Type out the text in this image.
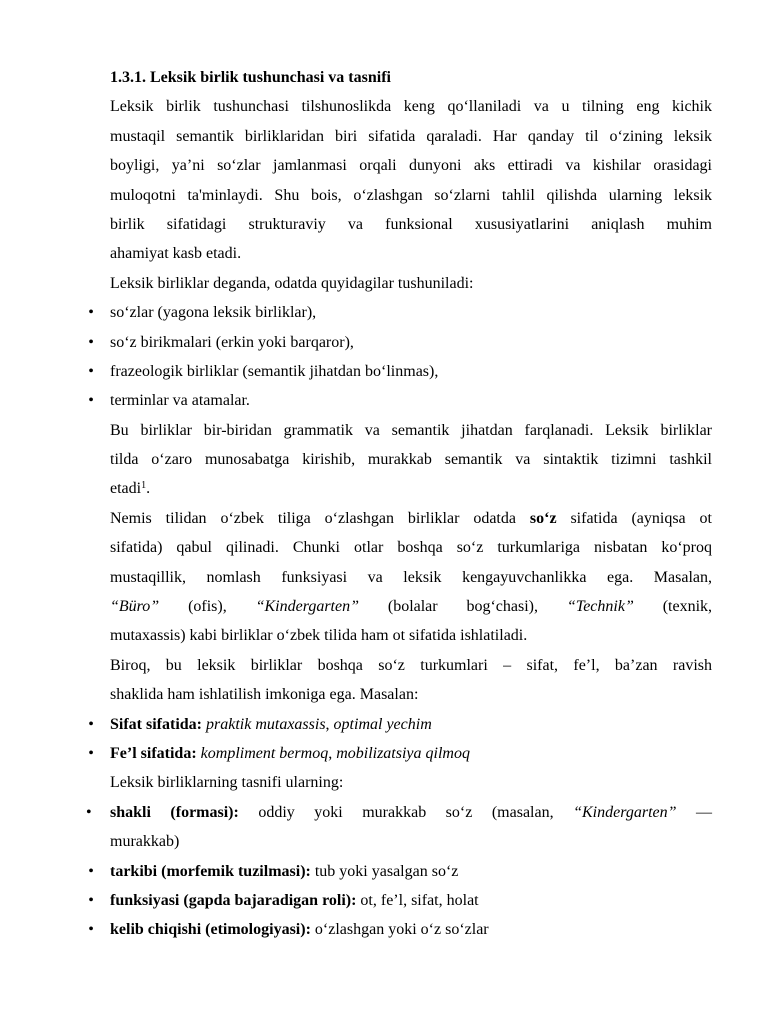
1.3.1. Leksik birlik tushunchasi va tasnifi
Leksik birlik tushunchasi tilshunoslikda keng qo‘llaniladi va u tilning eng kichik
mustaqil semantik birliklaridan biri sifatida qaraladi. Har qanday til o‘zining leksik
boyligi, ya’ni so‘zlar jamlanmasi orqali dunyoni aks ettiradi va kishilar orasidagi
muloqotni ta'minlaydi. Shu bois, o‘zlashgan so‘zlarni tahlil qilishda ularning leksik
birlik sifatidagi strukturaviy va funksional xususiyatlarini aniqlash muhim
ahamiyat kasb etadi.
Leksik birliklar deganda, odatda quyidagilar tushuniladi:
• so‘zlar (yagona leksik birliklar),
• so‘z birikmalari (erkin yoki barqaror),
• frazeologik birliklar (semantik jihatdan bo‘linmas),
• terminlar va atamalar.
Bu birliklar bir-biridan grammatik va semantik jihatdan farqlanadi. Leksik birliklar
tilda o‘zaro munosabatga kirishib, murakkab semantik va sintaktik tizimni tashkil
etadi$^1$.
Nemis tilidan o‘zbek tiliga o‘zlashgan birliklar odatda so‘z sifatida (ayniqsa ot
sifatida) qabul qilinadi. Chunki otlar boshqa so‘z turkumlariga nisbatan ko‘proq
mustaqillik, nomlash funksiyasi va leksik kengayuvchanlikka ega. Masalan,
“Büro” (ofis), “Kindergarten” (bolalar bog‘chasi), “Technik” (texnik,
mutaxassis) kabi birliklar o‘zbek tilida ham ot sifatida ishlatiladi.
Biroq, bu leksik birliklar boshqa so‘z turkumlari – sifat, fe’l, ba’zan ravish
shaklida ham ishlatilish imkoniga ega. Masalan:
• Sifat sifatida: praktik mutaxassis, optimal yechim
• Fe’l sifatida: kompliment bermoq, mobilizatsiya qilmoq
Leksik birliklarning tasnifi ularning:
• shakli (formasi): oddiy yoki murakkab so‘z (masalan, “Kindergarten” —
murakkab)
• tarkibi (morfemik tuzilmasi): tub yoki yasalgan so‘z
• funksiyasi (gapda bajaradigan roli): ot, fe’l, sifat, holat
• kelib chiqishi (etimologiyasi): o‘zlashgan yoki o‘z so‘zlar
